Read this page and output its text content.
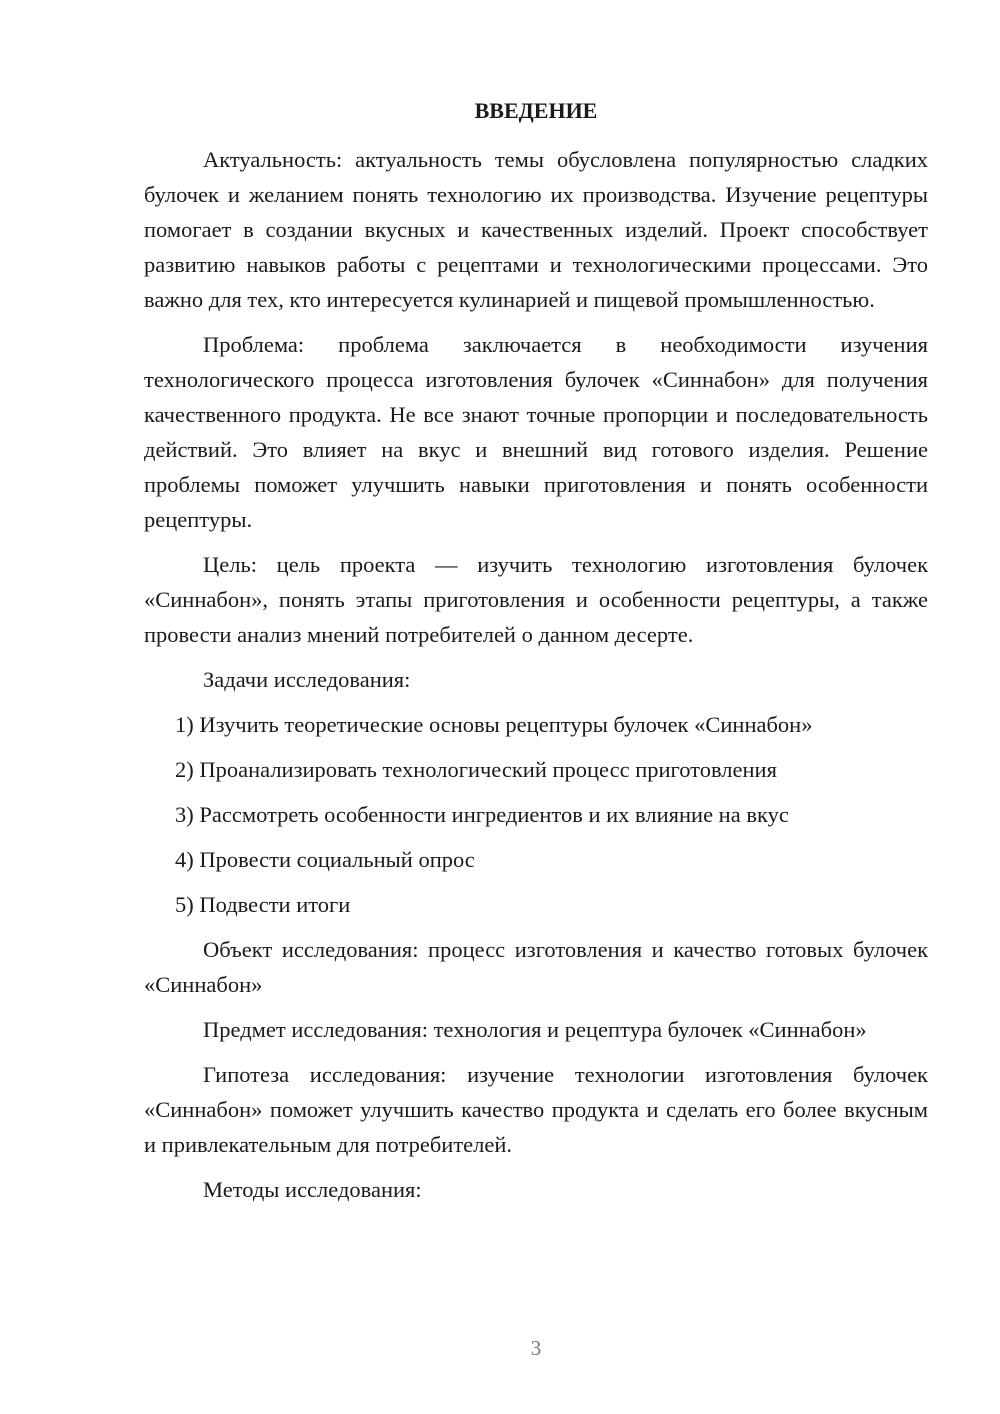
ВВЕДЕНИЕ

Актуальность: актуальность темы обусловлена популярностью сладких булочек и желанием понять технологию их производства. Изучение рецептуры помогает в создании вкусных и качественных изделий. Проект способствует развитию навыков работы с рецептами и технологическими процессами. Это важно для тех, кто интересуется кулинарией и пищевой промышленностью.

Проблема: проблема заключается в необходимости изучения технологического процесса изготовления булочек «Синнабон» для получения качественного продукта. Не все знают точные пропорции и последовательность действий. Это влияет на вкус и внешний вид готового изделия. Решение проблемы поможет улучшить навыки приготовления и понять особенности рецептуры.

Цель: цель проекта — изучить технологию изготовления булочек «Синнабон», понять этапы приготовления и особенности рецептуры, а также провести анализ мнений потребителей о данном десерте.

Задачи исследования:

1) Изучить теоретические основы рецептуры булочек «Синнабон»
2) Проанализировать технологический процесс приготовления
3) Рассмотреть особенности ингредиентов и их влияние на вкус
4) Провести социальный опрос
5) Подвести итоги

Объект исследования: процесс изготовления и качество готовых булочек «Синнабон»

Предмет исследования: технология и рецептура булочек «Синнабон»

Гипотеза исследования: изучение технологии изготовления булочек «Синнабон» поможет улучшить качество продукта и сделать его более вкусным и привлекательным для потребителей.

Методы исследования:

3
